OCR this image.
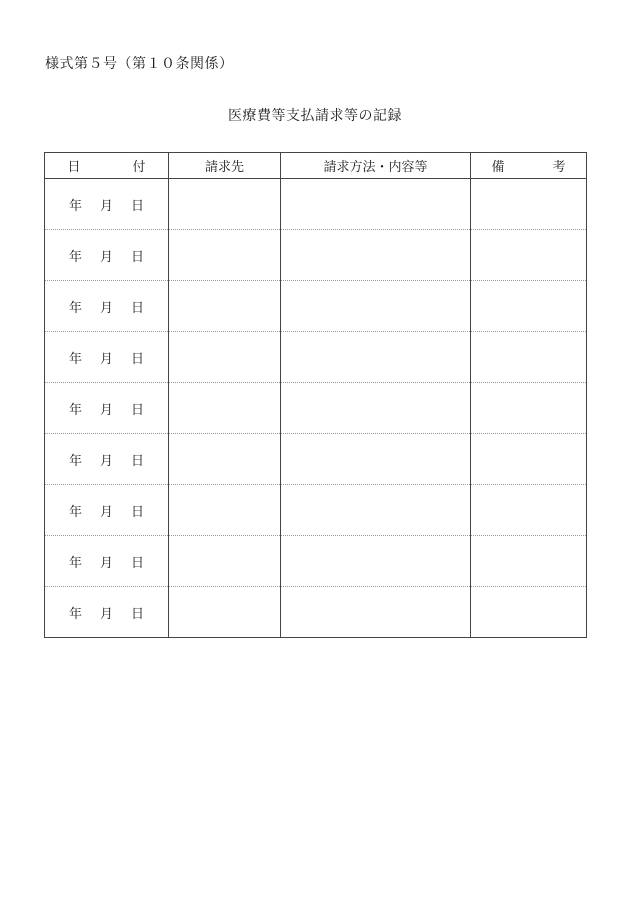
様式第５号（第１０条関係）
医療費等支払請求等の記録
日 付	請求先	請求方法・内容等	備 考
年 月 日			
年 月 日			
年 月 日			
年 月 日			
年 月 日			
年 月 日			
年 月 日			
年 月 日			
年 月 日			
